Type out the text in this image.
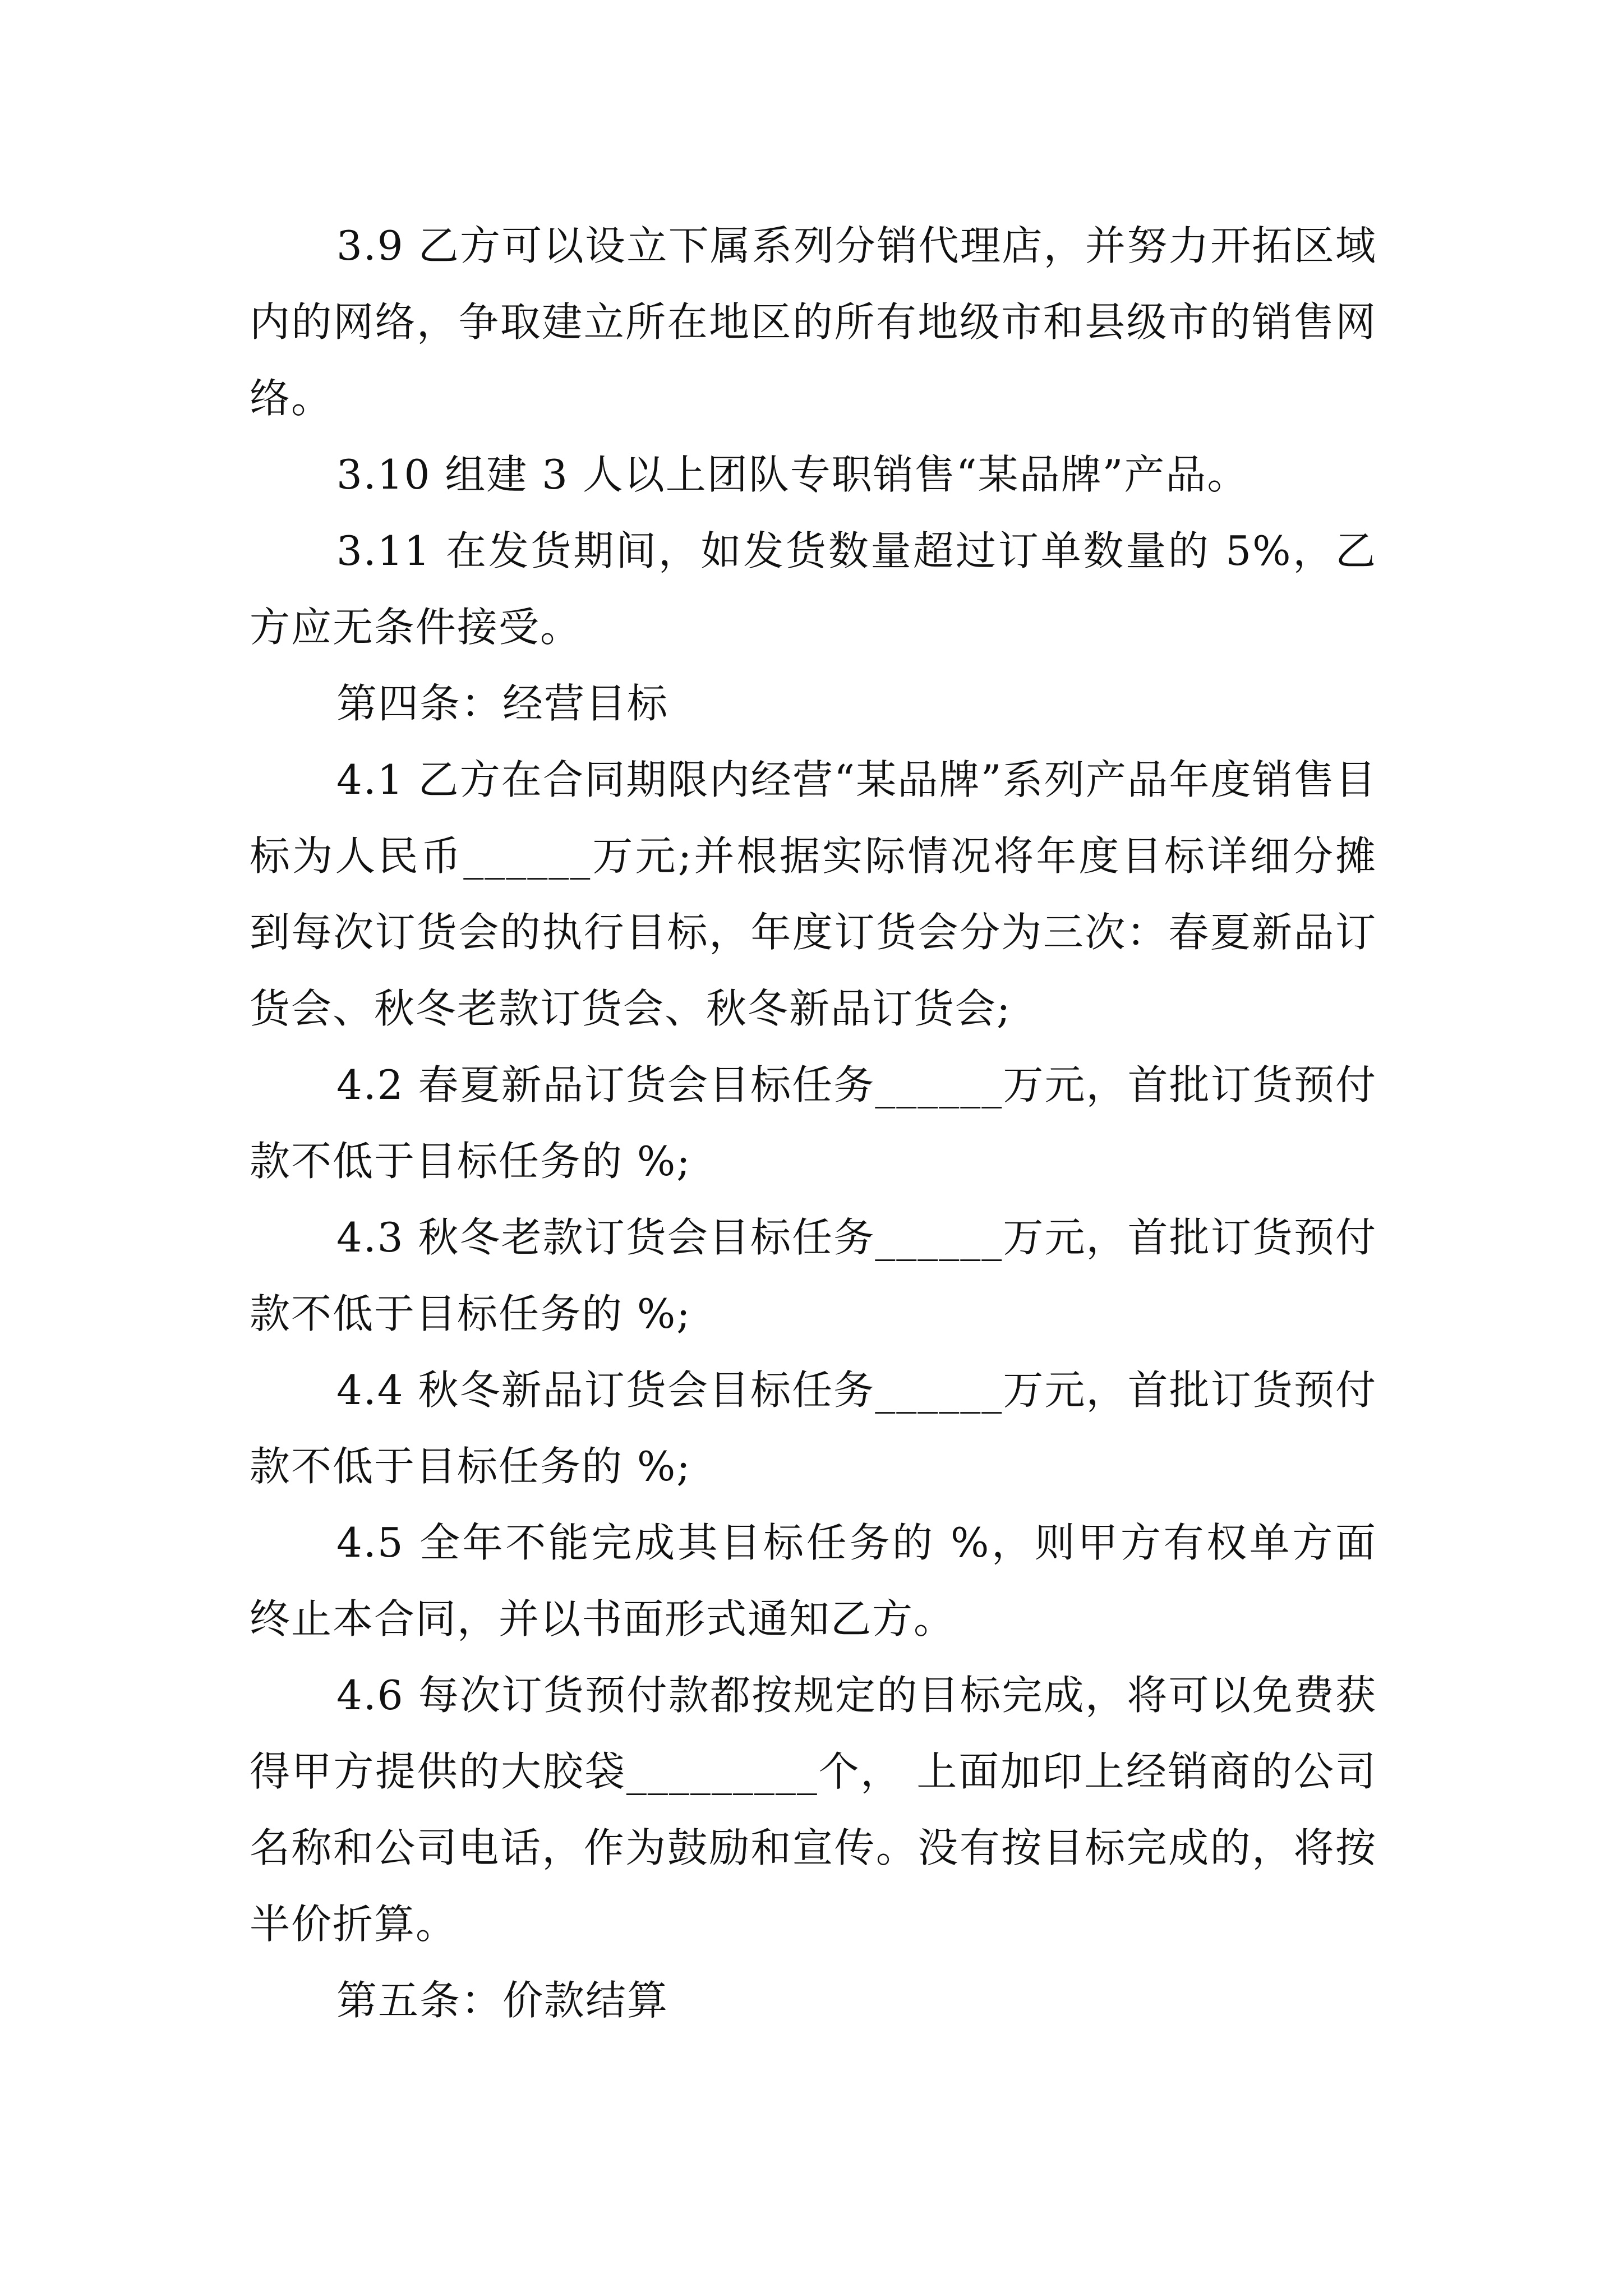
3.9 乙方可以设立下属系列分销代理店，并努力开拓区域内的网络，争取建立所在地区的所有地级市和县级市的销售网络。

3.10 组建 3 人以上团队专职销售“某品牌”产品。

3.11 在发货期间，如发货数量超过订单数量的 5%，乙方应无条件接受。

第四条：经营目标

4.1 乙方在合同期限内经营“某品牌”系列产品年度销售目标为人民币______万元;并根据实际情况将年度目标详细分摊到每次订货会的执行目标，年度订货会分为三次：春夏新品订货会、秋冬老款订货会、秋冬新品订货会;

4.2 春夏新品订货会目标任务______万元，首批订货预付款不低于目标任务的 %;

4.3 秋冬老款订货会目标任务______万元，首批订货预付款不低于目标任务的 %;

4.4 秋冬新品订货会目标任务______万元，首批订货预付款不低于目标任务的 %;

4.5 全年不能完成其目标任务的 %，则甲方有权单方面终止本合同，并以书面形式通知乙方。

4.6 每次订货预付款都按规定的目标完成，将可以免费获得甲方提供的大胶袋_________个， 上面加印上经销商的公司名称和公司电话，作为鼓励和宣传。没有按目标完成的，将按半价折算。

第五条：价款结算
